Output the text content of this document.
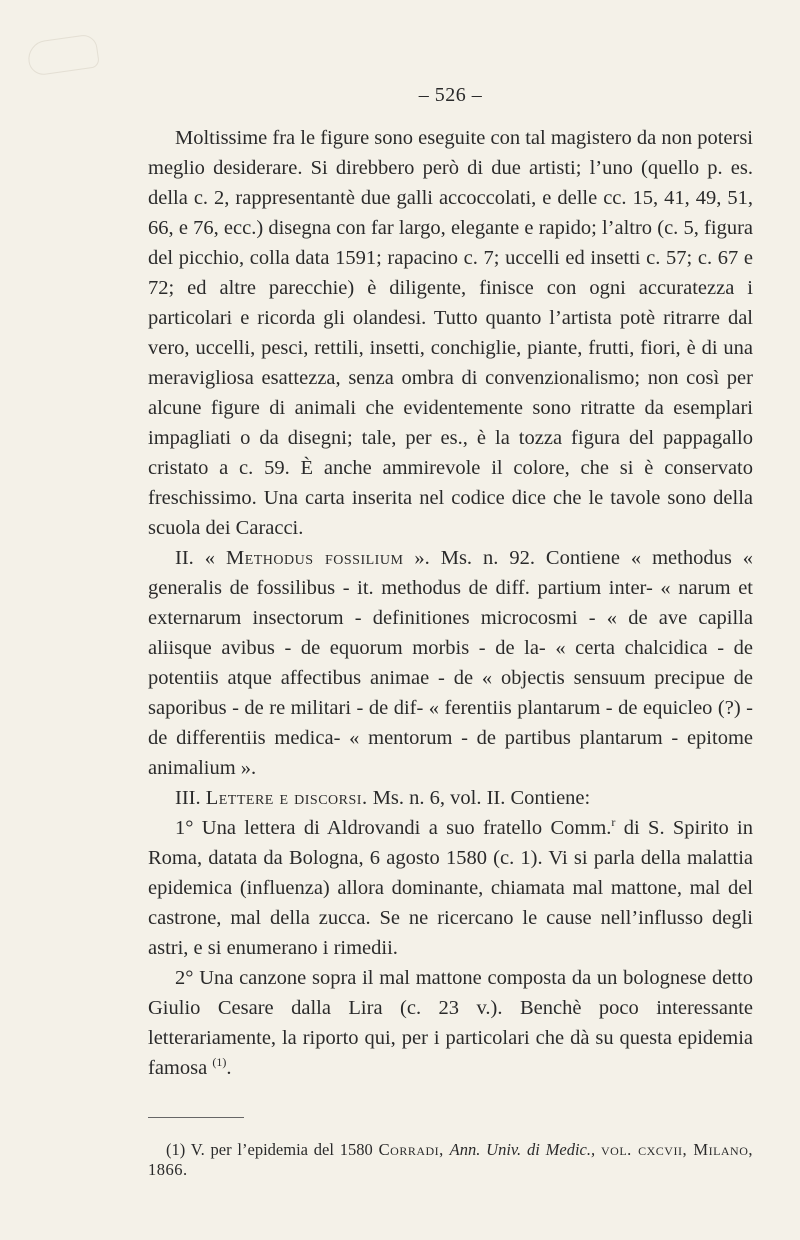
– 526 –

Moltissime fra le figure sono eseguite con tal magistero da non potersi meglio desiderare. Si direbbero però di due artisti; l’uno (quello p. es. della c. 2, rappresentantè due galli accoccolati, e delle cc. 15, 41, 49, 51, 66, e 76, ecc.) disegna con far largo, elegante e rapido; l’altro (c. 5, figura del picchio, colla data 1591; rapacino c. 7; uccelli ed insetti c. 57; c. 67 e 72; ed altre parecchie) è diligente, finisce con ogni accuratezza i particolari e ricorda gli olandesi. Tutto quanto l’artista potè ritrarre dal vero, uccelli, pesci, rettili, insetti, conchiglie, piante, frutti, fiori, è di una meravigliosa esattezza, senza ombra di convenzionalismo; non così per alcune figure di animali che evidentemente sono ritratte da esemplari impagliati o da disegni; tale, per es., è la tozza figura del pappagallo cristato a c. 59. È anche ammirevole il colore, che si è conservato freschissimo. Una carta inserita nel codice dice che le tavole sono della scuola dei Caracci.

II. « Methodus fossilium ». Ms. n. 92. Contiene « methodus « generalis de fossilibus - it. methodus de diff. partium inter- « narum et externarum insectorum - definitiones microcosmi - « de ave capilla aliisque avibus - de equorum morbis - de la- « certa chalcidica - de potentiis atque affectibus animae - de « objectis sensuum precipue de saporibus - de re militari - de dif- « ferentiis plantarum - de equicleo (?) - de differentiis medica- « mentorum - de partibus plantarum - epitome animalium ».

III. Lettere e discorsi. Ms. n. 6, vol. II. Contiene:

1° Una lettera di Aldrovandi a suo fratello Comm.$^r$ di S. Spirito in Roma, datata da Bologna, 6 agosto 1580 (c. 1). Vi si parla della malattia epidemica (influenza) allora dominante, chiamata mal mattone, mal del castrone, mal della zucca. Se ne ricercano le cause nell’influsso degli astri, e si enumerano i rimedii.

2° Una canzone sopra il mal mattone composta da un bolognese detto Giulio Cesare dalla Lira (c. 23 v.). Benchè poco interessante letterariamente, la riporto qui, per i particolari che dà su questa epidemia famosa $^{(1)}$.

(1) V. per l’epidemia del 1580 Corradi, Ann. Univ. di Medic., vol. cxcvii, Milano, 1866.
